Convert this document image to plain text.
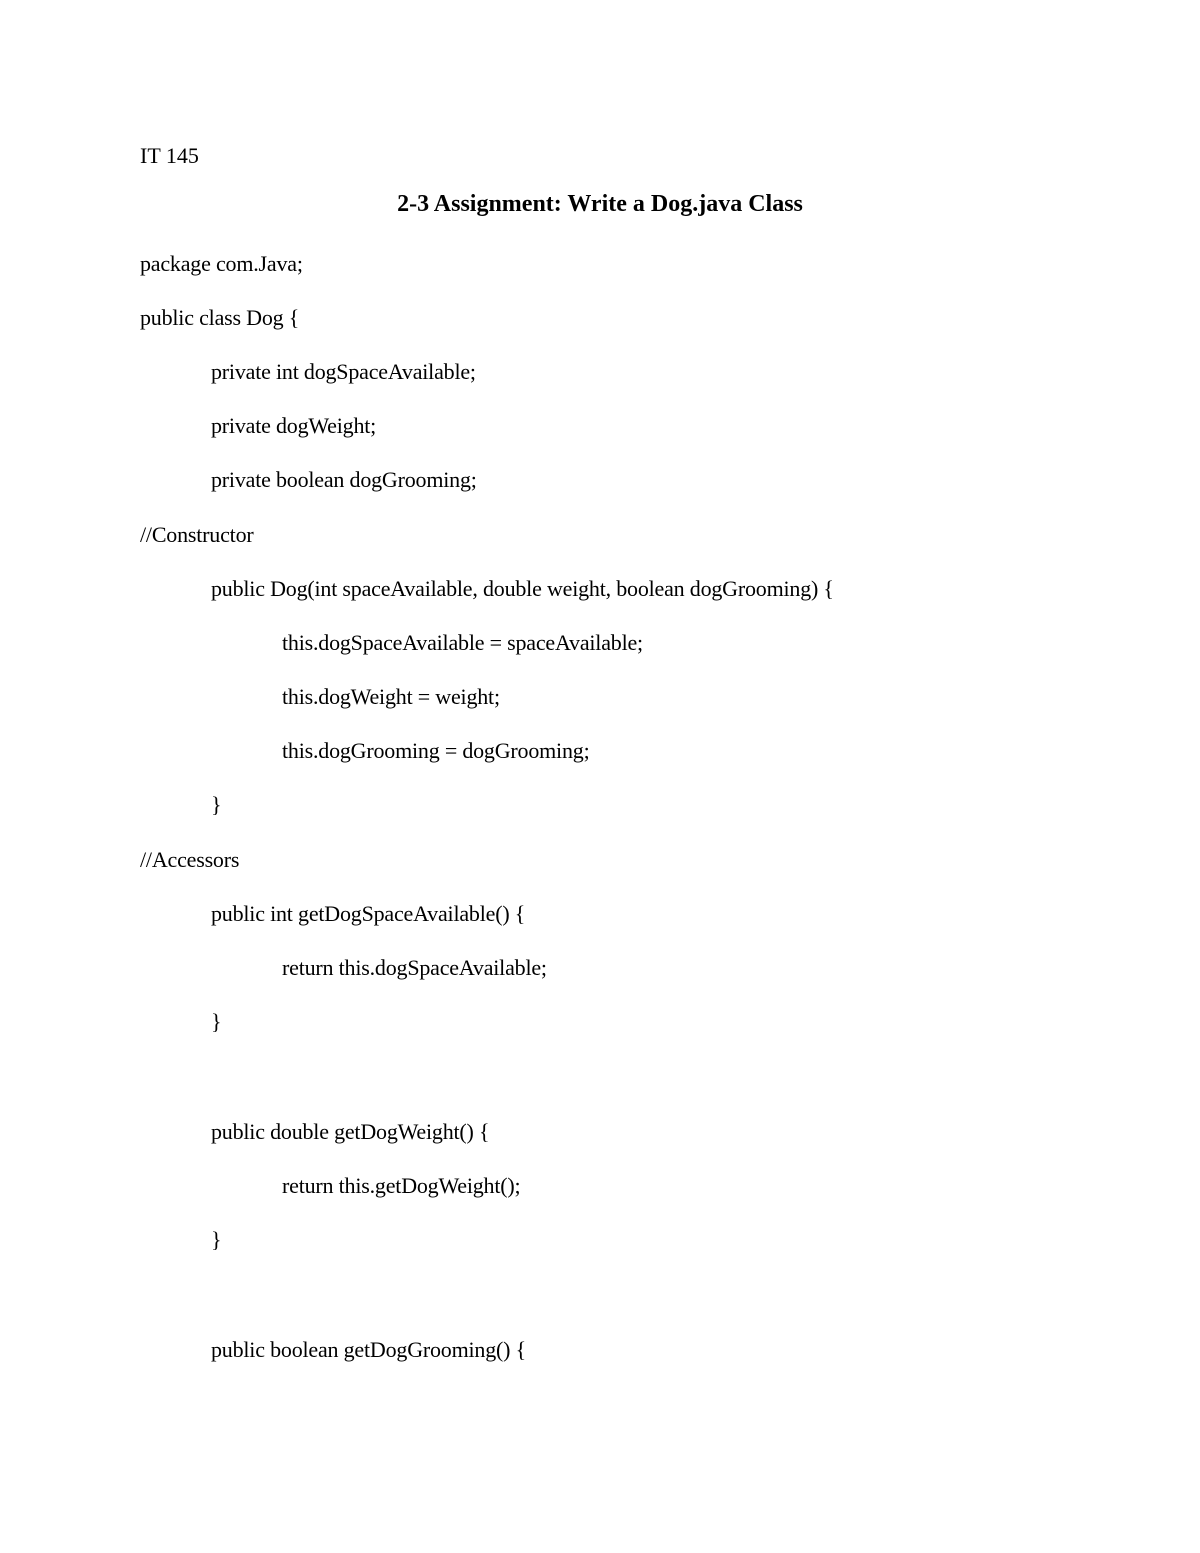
IT 145
2-3 Assignment: Write a Dog.java Class
package com.Java;
public class Dog {
private int dogSpaceAvailable;
private dogWeight;
private boolean dogGrooming;
//Constructor
public Dog(int spaceAvailable, double weight, boolean dogGrooming) {
this.dogSpaceAvailable = spaceAvailable;
this.dogWeight = weight;
this.dogGrooming = dogGrooming;
}
//Accessors
public int getDogSpaceAvailable() {
return this.dogSpaceAvailable;
}
public double getDogWeight() {
return this.getDogWeight();
}
public boolean getDogGrooming() {
